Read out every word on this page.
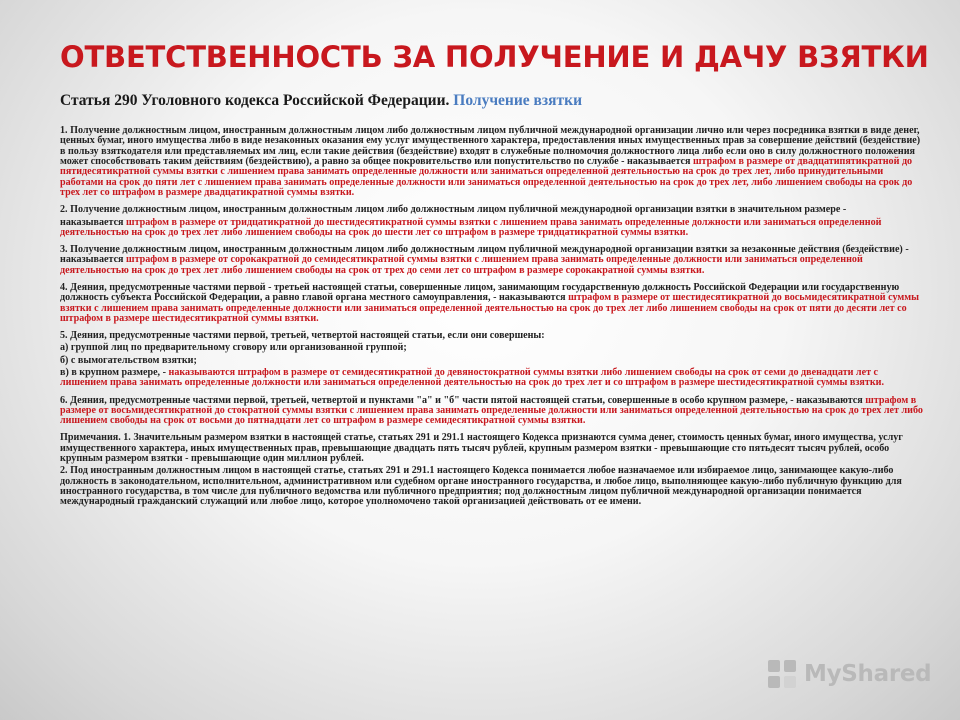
ОТВЕТСТВЕННОСТЬ ЗА ПОЛУЧЕНИЕ И ДАЧУ ВЗЯТКИ
Статья 290 Уголовного кодекса Российской Федерации. Получение взятки

1. Получение должностным лицом, иностранным должностным лицом либо должностным лицом публичной международной организации лично или через посредника взятки в виде денег, ценных бумаг, иного имущества либо в виде незаконных оказания ему услуг имущественного характера, предоставления иных имущественных прав за совершение действий (бездействие) в пользу взяткодателя или представляемых им лиц, если такие действия (бездействие) входят в служебные полномочия должностного лица либо если оно в силу должностного положения может способствовать таким действиям (бездействию), а равно за общее покровительство или попустительство по службе - наказывается штрафом в размере от двадцатипятикратной до пятидесятикратной суммы взятки с лишением права занимать определенные должности или заниматься определенной деятельностью на срок до трех лет, либо принудительными работами на срок до пяти лет с лишением права занимать определенные должности или заниматься определенной деятельностью на срок до трех лет, либо лишением свободы на срок до трех лет со штрафом в размере двадцатикратной суммы взятки.

2. Получение должностным лицом, иностранным должностным лицом либо должностным лицом публичной международной организации взятки в значительном размере -

наказывается штрафом в размере от тридцатикратной до шестидесятикратной суммы взятки с лишением права занимать определенные должности или заниматься определенной деятельностью на срок до трех лет либо лишением свободы на срок до шести лет со штрафом в размере тридцатикратной суммы взятки.

3. Получение должностным лицом, иностранным должностным лицом либо должностным лицом публичной международной организации взятки за незаконные действия (бездействие) - наказывается штрафом в размере от сорокакратной до семидесятикратной суммы взятки с лишением права занимать определенные должности или заниматься определенной деятельностью на срок до трех лет либо лишением свободы на срок от трех до семи лет со штрафом в размере сорокакратной суммы взятки.

4. Деяния, предусмотренные частями первой - третьей настоящей статьи, совершенные лицом, занимающим государственную должность Российской Федерации или государственную должность субъекта Российской Федерации, а равно главой органа местного самоуправления, - наказываются штрафом в размере от шестидесятикратной до восьмидесятикратной суммы взятки с лишением права занимать определенные должности или заниматься определенной деятельностью на срок до трех лет либо лишением свободы на срок от пяти до десяти лет со штрафом в размере шестидесятикратной суммы взятки.

5. Деяния, предусмотренные частями первой, третьей, четвертой настоящей статьи, если они совершены:

а) группой лиц по предварительному сговору или организованной группой;

б) с вымогательством взятки;

в) в крупном размере, - наказываются штрафом в размере от семидесятикратной до девяностократной суммы взятки либо лишением свободы на срок от семи до двенадцати лет с лишением права занимать определенные должности или заниматься определенной деятельностью на срок до трех лет и со штрафом в размере шестидесятикратной суммы взятки.

6. Деяния, предусмотренные частями первой, третьей, четвертой и пунктами "а" и "б" части пятой настоящей статьи, совершенные в особо крупном размере, - наказываются штрафом в размере от восьмидесятикратной до стократной суммы взятки с лишением права занимать определенные должности или заниматься определенной деятельностью на срок до трех лет либо лишением свободы на срок от восьми до пятнадцати лет со штрафом в размере семидесятикратной суммы взятки.

Примечания. 1. Значительным размером взятки в настоящей статье, статьях 291 и 291.1 настоящего Кодекса признаются сумма денег, стоимость ценных бумаг, иного имущества, услуг имущественного характера, иных имущественных прав, превышающие двадцать пять тысяч рублей, крупным размером взятки - превышающие сто пятьдесят тысяч рублей, особо крупным размером взятки - превышающие один миллион рублей.

2. Под иностранным должностным лицом в настоящей статье, статьях 291 и 291.1 настоящего Кодекса понимается любое назначаемое или избираемое лицо, занимающее какую-либо должность в законодательном, исполнительном, административном или судебном органе иностранного государства, и любое лицо, выполняющее какую-либо публичную функцию для иностранного государства, в том числе для публичного ведомства или публичного предприятия; под должностным лицом публичной международной организации понимается международный гражданский служащий или любое лицо, которое уполномочено такой организацией действовать от ее имени.

MyShared
